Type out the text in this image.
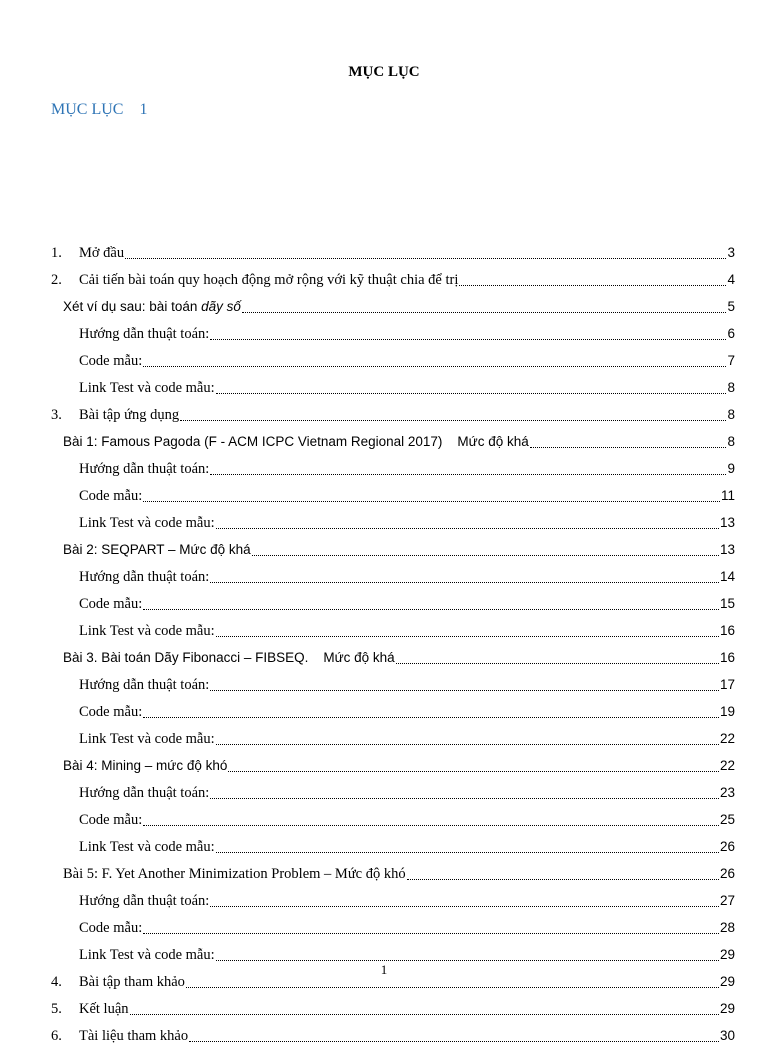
MỤC LỤC
MỤC LỤC 1
1. Mở đầu	3
2. Cải tiến bài toán quy hoạch động mở rộng với kỹ thuật chia để trị	4
Xét ví dụ sau: bài toán dãy số	5
Hướng dẫn thuật toán:	6
Code mẫu:	7
Link Test và code mẫu:	8
3. Bài tập ứng dụng	8
Bài 1: Famous Pagoda (F - ACM ICPC Vietnam Regional 2017)    Mức độ khá	8
Hướng dẫn thuật toán:	9
Code mẫu:	11
Link Test và code mẫu:	13
Bài 2: SEQPART – Mức độ khá	13
Hướng dẫn thuật toán:	14
Code mẫu:	15
Link Test và code mẫu:	16
Bài 3. Bài toán Dãy Fibonacci – FIBSEQ.    Mức độ khá	16
Hướng dẫn thuật toán:	17
Code mẫu:	19
Link Test và code mẫu:	22
Bài 4: Mining – mức độ khó	22
Hướng dẫn thuật toán:	23
Code mẫu:	25
Link Test và code mẫu:	26
Bài 5: F. Yet Another Minimization Problem – Mức độ khó	26
Hướng dẫn thuật toán:	27
Code mẫu:	28
Link Test và code mẫu:	29
4. Bài tập tham khảo	29
5. Kết luận	29
6. Tài liệu tham khảo	30
1
